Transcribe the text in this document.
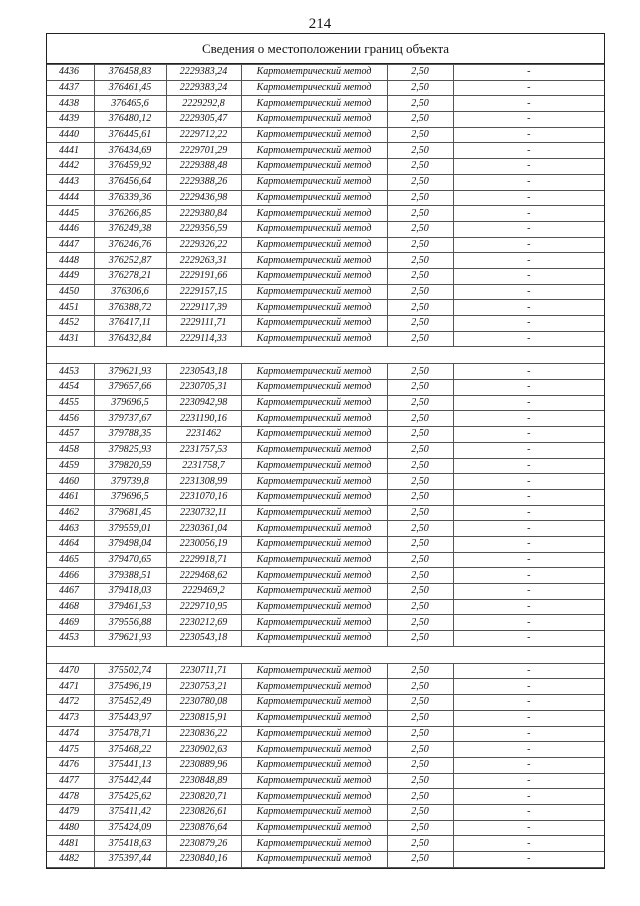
214
Сведения о местоположении границ объекта
4436	376458,83	2229383,24	Картометрический метод	2,50	-
4437	376461,45	2229383,24	Картометрический метод	2,50	-
4438	376465,6	2229292,8	Картометрический метод	2,50	-
4439	376480,12	2229305,47	Картометрический метод	2,50	-
4440	376445,61	2229712,22	Картометрический метод	2,50	-
4441	376434,69	2229701,29	Картометрический метод	2,50	-
4442	376459,92	2229388,48	Картометрический метод	2,50	-
4443	376456,64	2229388,26	Картометрический метод	2,50	-
4444	376339,36	2229436,98	Картометрический метод	2,50	-
4445	376266,85	2229380,84	Картометрический метод	2,50	-
4446	376249,38	2229356,59	Картометрический метод	2,50	-
4447	376246,76	2229326,22	Картометрический метод	2,50	-
4448	376252,87	2229263,31	Картометрический метод	2,50	-
4449	376278,21	2229191,66	Картометрический метод	2,50	-
4450	376306,6	2229157,15	Картометрический метод	2,50	-
4451	376388,72	2229117,39	Картометрический метод	2,50	-
4452	376417,11	2229111,71	Картометрический метод	2,50	-
4431	376432,84	2229114,33	Картометрический метод	2,50	-

4453	379621,93	2230543,18	Картометрический метод	2,50	-
4454	379657,66	2230705,31	Картометрический метод	2,50	-
4455	379696,5	2230942,98	Картометрический метод	2,50	-
4456	379737,67	2231190,16	Картометрический метод	2,50	-
4457	379788,35	2231462	Картометрический метод	2,50	-
4458	379825,93	2231757,53	Картометрический метод	2,50	-
4459	379820,59	2231758,7	Картометрический метод	2,50	-
4460	379739,8	2231308,99	Картометрический метод	2,50	-
4461	379696,5	2231070,16	Картометрический метод	2,50	-
4462	379681,45	2230732,11	Картометрический метод	2,50	-
4463	379559,01	2230361,04	Картометрический метод	2,50	-
4464	379498,04	2230056,19	Картометрический метод	2,50	-
4465	379470,65	2229918,71	Картометрический метод	2,50	-
4466	379388,51	2229468,62	Картометрический метод	2,50	-
4467	379418,03	2229469,2	Картометрический метод	2,50	-
4468	379461,53	2229710,95	Картометрический метод	2,50	-
4469	379556,88	2230212,69	Картометрический метод	2,50	-
4453	379621,93	2230543,18	Картометрический метод	2,50	-

4470	375502,74	2230711,71	Картометрический метод	2,50	-
4471	375496,19	2230753,21	Картометрический метод	2,50	-
4472	375452,49	2230780,08	Картометрический метод	2,50	-
4473	375443,97	2230815,91	Картометрический метод	2,50	-
4474	375478,71	2230836,22	Картометрический метод	2,50	-
4475	375468,22	2230902,63	Картометрический метод	2,50	-
4476	375441,13	2230889,96	Картометрический метод	2,50	-
4477	375442,44	2230848,89	Картометрический метод	2,50	-
4478	375425,62	2230820,71	Картометрический метод	2,50	-
4479	375411,42	2230826,61	Картометрический метод	2,50	-
4480	375424,09	2230876,64	Картометрический метод	2,50	-
4481	375418,63	2230879,26	Картометрический метод	2,50	-
4482	375397,44	2230840,16	Картометрический метод	2,50	-
